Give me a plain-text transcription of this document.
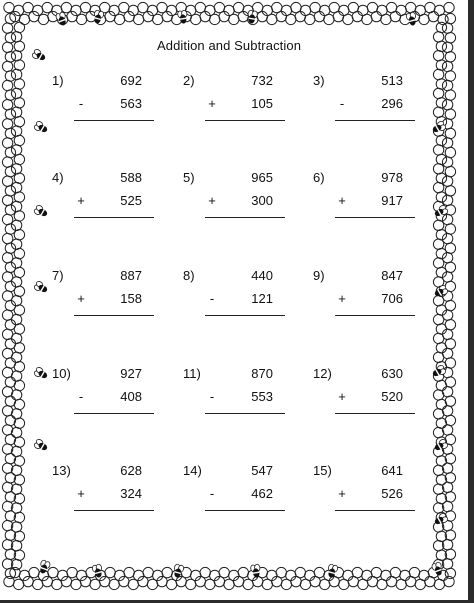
Addition and Subtraction
1)	692
-	563
2)	732
+	105
3)	513
-	296
4)	588
+	525
5)	965
+	300
6)	978
+	917
7)	887
+	158
8)	440
-	121
9)	847
+	706
10)	927
-	408
11)	870
-	553
12)	630
+	520
13)	628
+	324
14)	547
-	462
15)	641
+	526
